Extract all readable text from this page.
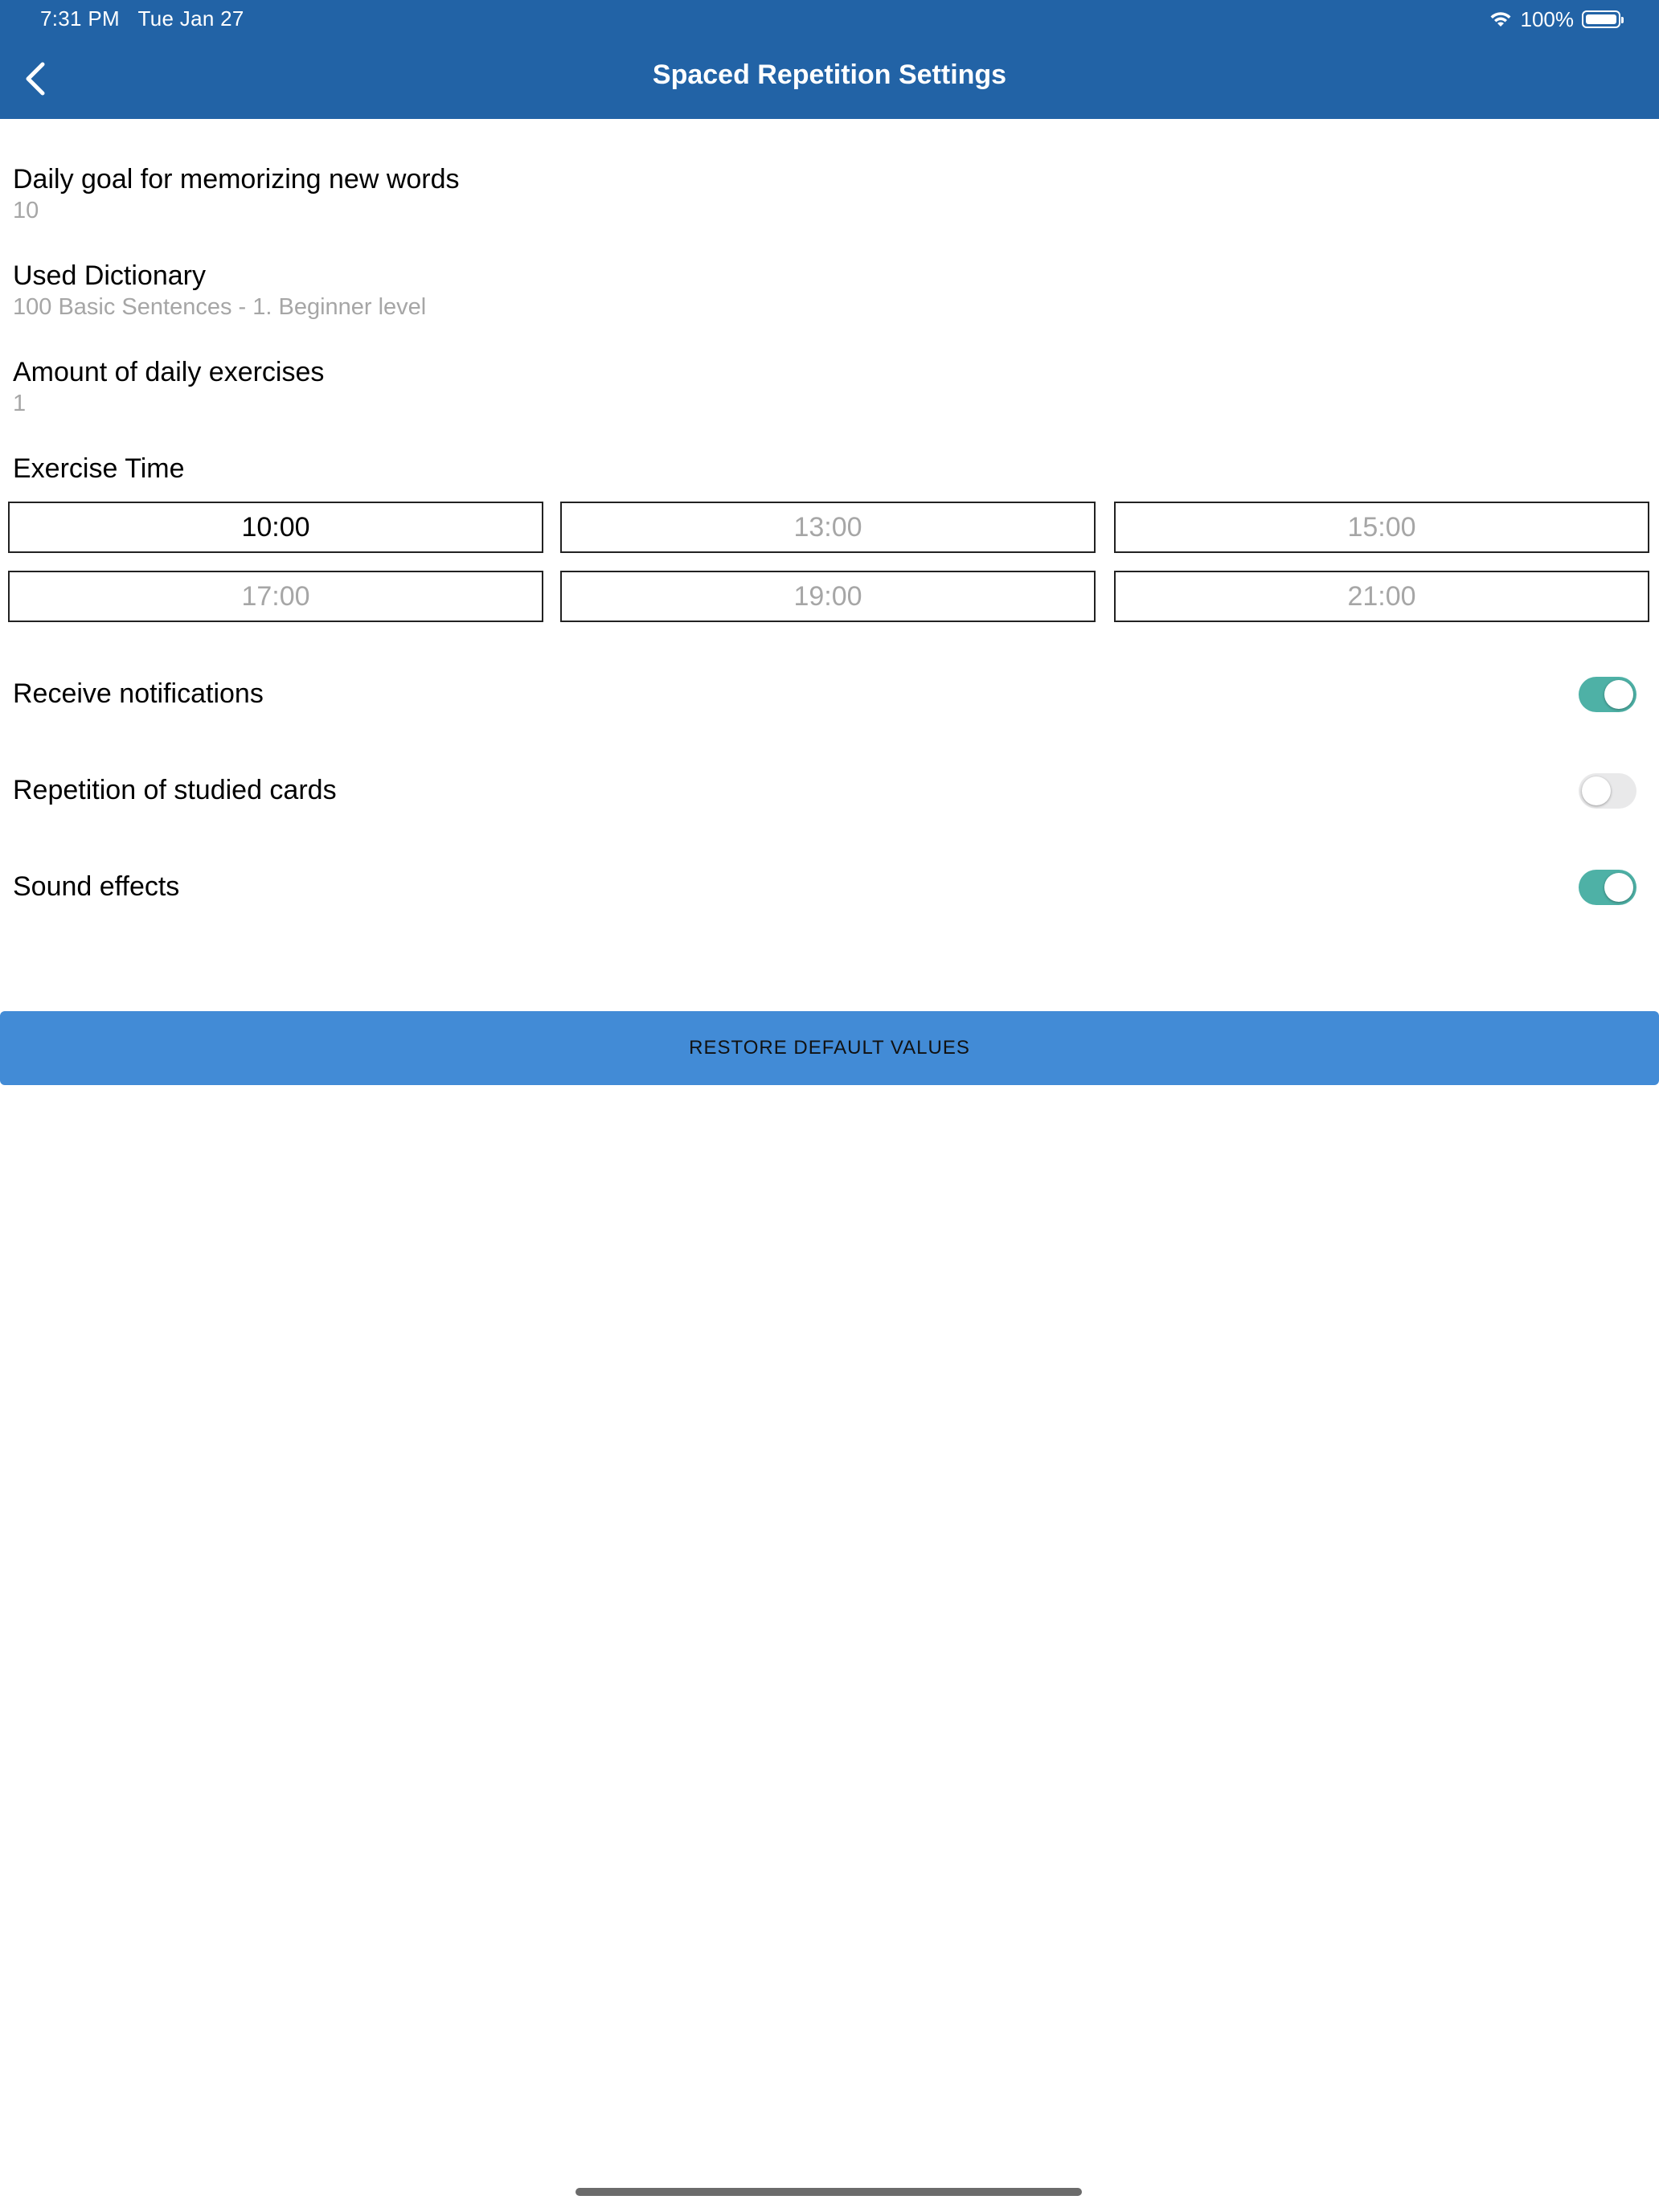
7:31 PM Tue Jan 27	100%
Spaced Repetition Settings
Daily goal for memorizing new words
10
Used Dictionary
100 Basic Sentences - 1. Beginner level
Amount of daily exercises
1
Exercise Time
10:00	13:00	15:00
17:00	19:00	21:00
Receive notifications
Repetition of studied cards
Sound effects
RESTORE DEFAULT VALUES
